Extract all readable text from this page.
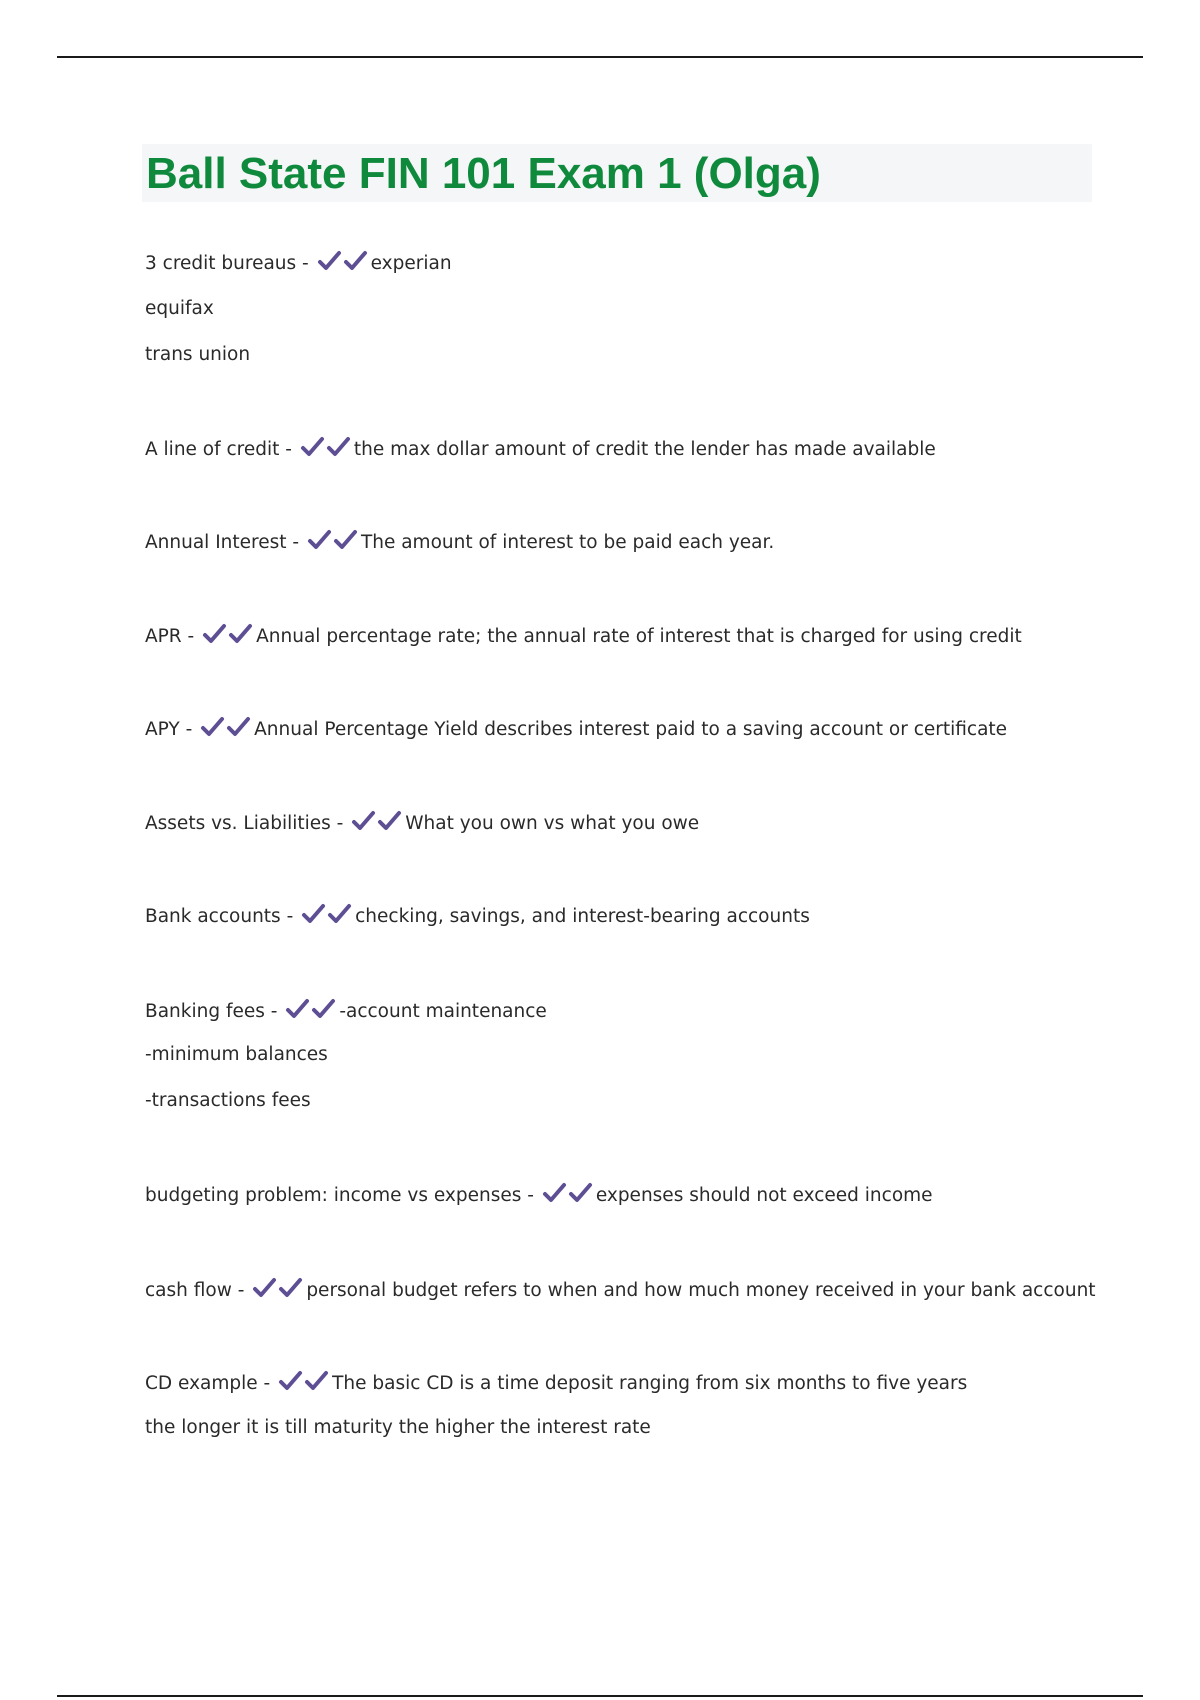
Ball State FIN 101 Exam 1 (Olga)
3 credit bureaus -	experian
equifax
trans union
A line of credit -	the max dollar amount of credit the lender has made available
Annual Interest -	The amount of interest to be paid each year.
APR -	Annual percentage rate; the annual rate of interest that is charged for using credit
APY -	Annual Percentage Yield describes interest paid to a saving account or certificate
Assets vs. Liabilities -	What you own vs what you owe
Bank accounts -	checking, savings, and interest-bearing accounts
Banking fees -	-account maintenance
-minimum balances
-transactions fees
budgeting problem: income vs expenses -	expenses should not exceed income
cash flow -	personal budget refers to when and how much money received in your bank account
CD example -	The basic CD is a time deposit ranging from six months to five years
the longer it is till maturity the higher the interest rate
